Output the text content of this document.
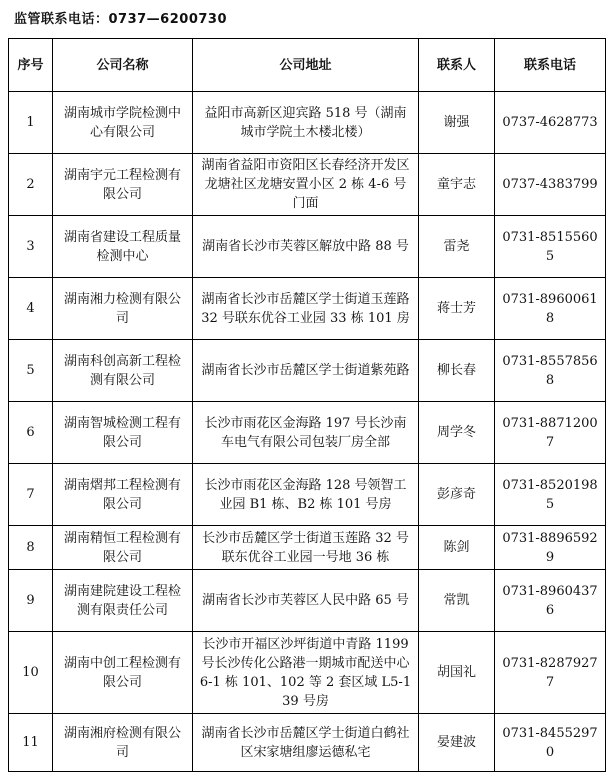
监管联系电话：0737—6200730
序号	公司名称	公司地址	联系人	联系电话
1	湖南城市学院检测中心有限公司	益阳市高新区迎宾路 518 号（湖南城市学院土木楼北楼）	谢强	0737-4628773
2	湖南宇元工程检测有限公司	湖南省益阳市资阳区长春经济开发区龙塘社区龙塘安置小区 2 栋 4-6 号门面	童宇志	0737-4383799
3	湖南省建设工程质量检测中心	湖南省长沙市芙蓉区解放中路 88 号	雷尧	0731-85155605
4	湖南湘力检测有限公司	湖南省长沙市岳麓区学士街道玉莲路 32 号联东优谷工业园 33 栋 101 房	蒋士芳	0731-89600618
5	湖南科创高新工程检测有限公司	湖南省长沙市岳麓区学士街道紫苑路	柳长春	0731-85578568
6	湖南智城检测工程有限公司	长沙市雨花区金海路 197 号长沙南车电气有限公司包装厂房全部	周学冬	0731-88712007
7	湖南熠邦工程检测有限公司	长沙市雨花区金海路 128 号领智工业园 B1 栋、B2 栋 101 号房	彭彦奇	0731-85201985
8	湖南精恒工程检测有限公司	长沙市岳麓区学士街道玉莲路 32 号联东优谷工业园一号地 36 栋	陈剑	0731-88965929
9	湖南建院建设工程检测有限责任公司	湖南省长沙市芙蓉区人民中路 65 号	常凯	0731-89604376
10	湖南中创工程检测有限公司	长沙市开福区沙坪街道中青路 1199 号长沙传化公路港一期城市配送中心 6-1 栋 101、102 等 2 套区域 L5-139 号房	胡国礼	0731-82879277
11	湖南湘府检测有限公司	湖南省长沙市岳麓区学士街道白鹤社区宋家塘组廖运德私宅	晏建波	0731-84552970
